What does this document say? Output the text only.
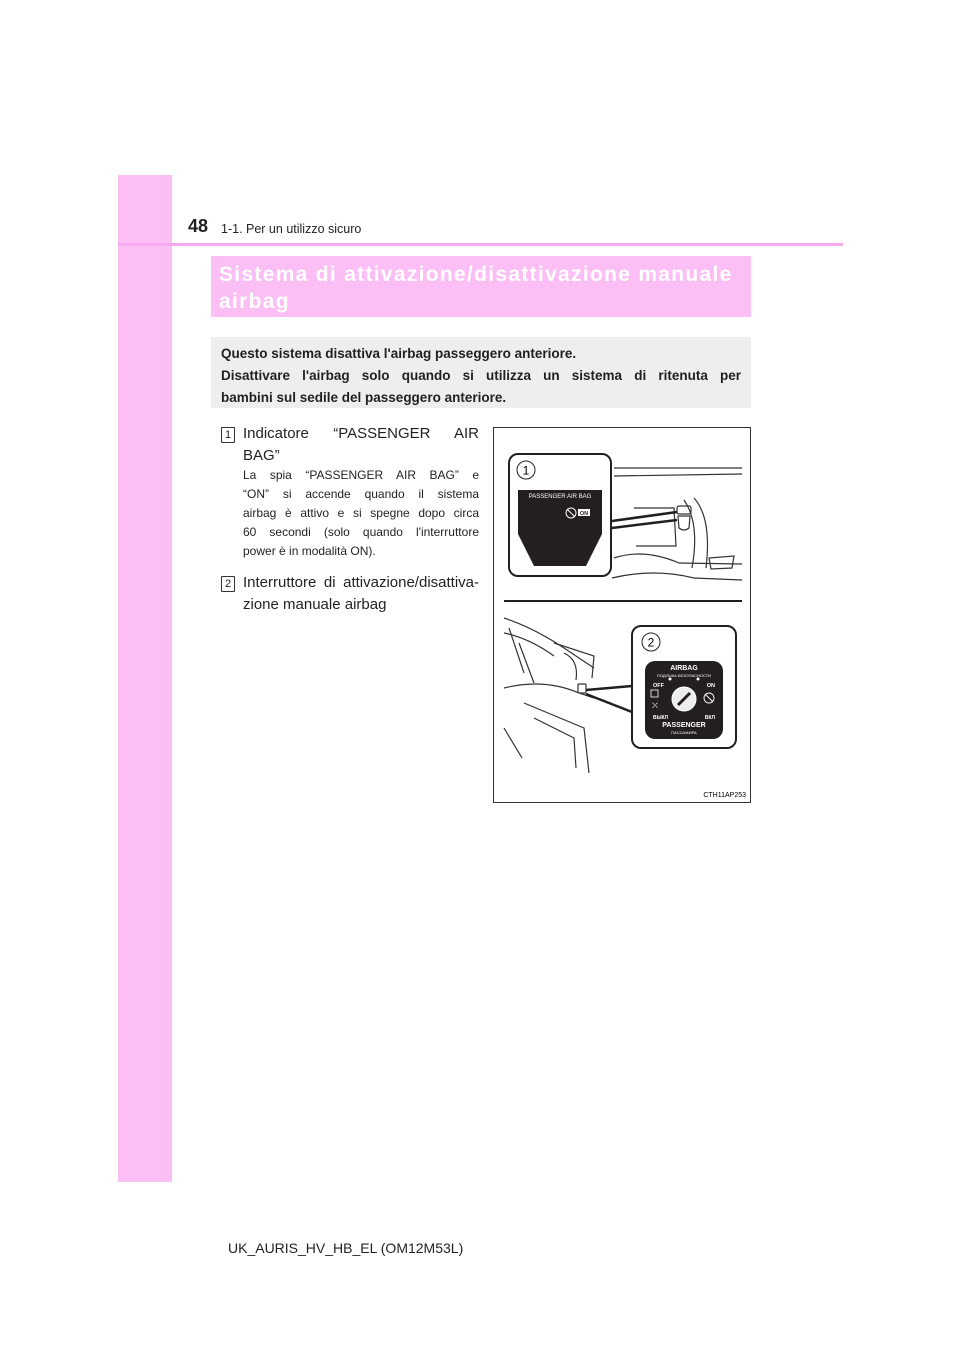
48 1-1. Per un utilizzo sicuro
Sistema di attivazione/disattivazione manuale
airbag
Questo sistema disattiva l'airbag passeggero anteriore.
Disattivare l'airbag solo quando si utilizza un sistema di ritenuta per
bambini sul sedile del passeggero anteriore.
1 Indicatore “PASSENGER AIR
BAG”
La spia “PASSENGER AIR BAG” e
“ON” si accende quando il sistema
airbag è attivo e si spegne dopo circa
60 secondi (solo quando l'interruttore
power è in modalità ON).
2 Interruttore di attivazione/disattiva-
zione manuale airbag
1
PASSENGER AIR BAG
ON
2
AIRBAG
ПОДУШКА БЕЗОПАСНОСТИ
OFF	ON
⛌
ВЫКЛ	ВКЛ
PASSENGER
ПАССАЖИРА
CTH11AP253
UK_AURIS_HV_HB_EL (OM12M53L)
